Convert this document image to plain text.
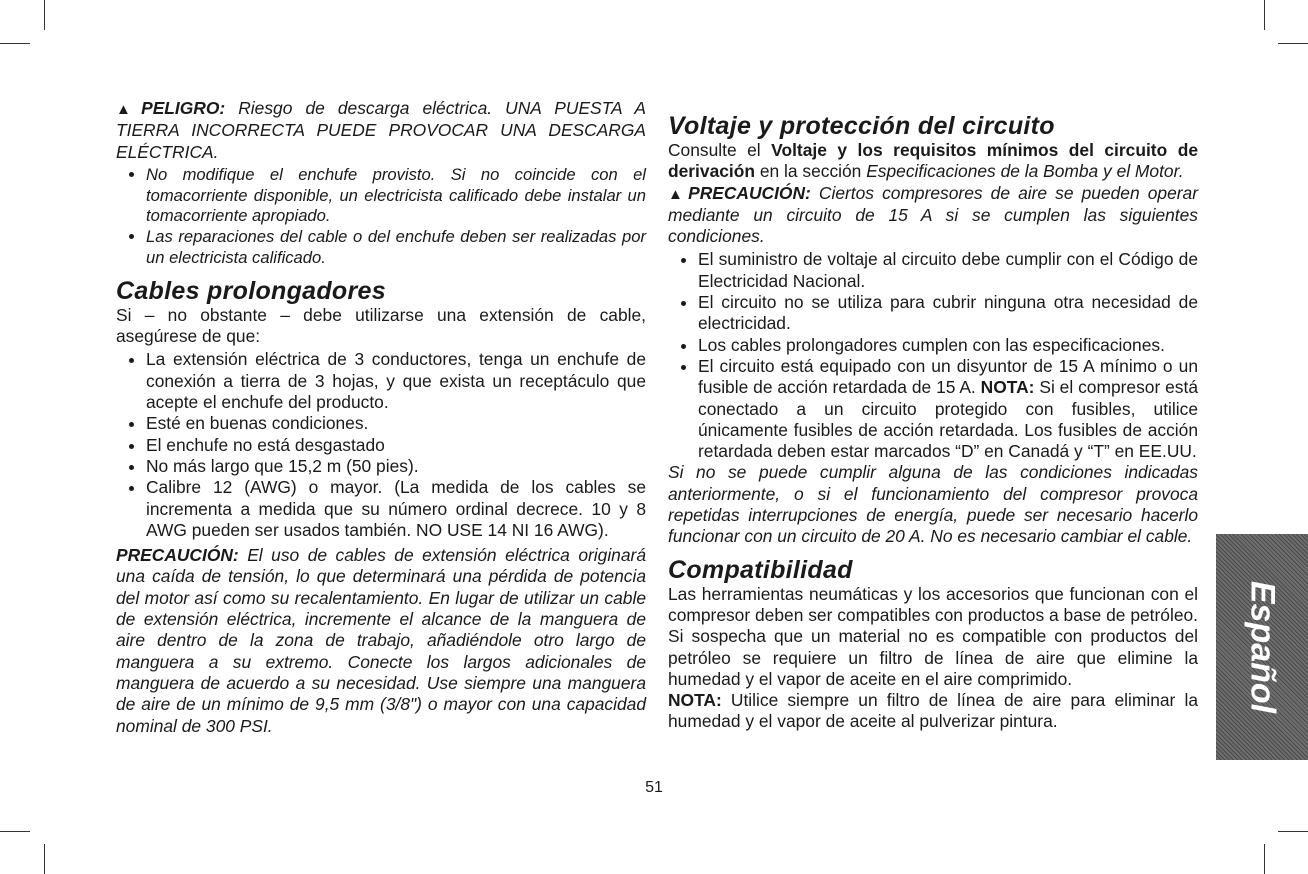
▲ PELIGRO: Riesgo de descarga eléctrica. UNA PUESTA A TIERRA INCORRECTA PUEDE PROVOCAR UNA DESCARGA ELÉCTRICA.

• No modifique el enchufe provisto. Si no coincide con el tomacorriente disponible, un electricista calificado debe instalar un tomacorriente apropiado.
• Las reparaciones del cable o del enchufe deben ser realizadas por un electricista calificado.
Cables prolongadores

Si – no obstante – debe utilizarse una extensión de cable, asegúrese de que:

• La extensión eléctrica de 3 conductores, tenga un enchufe de conexión a tierra de 3 hojas, y que exista un receptáculo que acepte el enchufe del producto.
• Esté en buenas condiciones.
• El enchufe no está desgastado
• No más largo que 15,2 m (50 pies).
• Calibre 12 (AWG) o mayor. (La medida de los cables se incrementa a medida que su número ordinal decrece. 10 y 8 AWG pueden ser usados también. NO USE 14 NI 16 AWG).

PRECAUCIÓN: El uso de cables de extensión eléctrica originará una caída de tensión, lo que determinará una pérdida de potencia del motor así como su recalentamiento. En lugar de utilizar un cable de extensión eléctrica, incremente el alcance de la manguera de aire dentro de la zona de trabajo, añadiéndole otro largo de manguera a su extremo. Conecte los largos adicionales de manguera de acuerdo a su necesidad. Use siempre una manguera de aire de un mínimo de 9,5 mm (3/8") o mayor con una capacidad nominal de 300 PSI.

Voltaje y protección del circuito

Consulte el Voltaje y los requisitos mínimos del circuito de derivación en la sección Especificaciones de la Bomba y el Motor.

▲ PRECAUCIÓN: Ciertos compresores de aire se pueden operar mediante un circuito de 15 A si se cumplen las siguientes condiciones.

• El suministro de voltaje al circuito debe cumplir con el Código de Electricidad Nacional.
• El circuito no se utiliza para cubrir ninguna otra necesidad de electricidad.
• Los cables prolongadores cumplen con las especificaciones.
• El circuito está equipado con un disyuntor de 15 A mínimo o un fusible de acción retardada de 15 A. NOTA: Si el compresor está conectado a un circuito protegido con fusibles, utilice únicamente fusibles de acción retardada. Los fusibles de acción retardada deben estar marcados “D” en Canadá y “T” en EE.UU.

Si no se puede cumplir alguna de las condiciones indicadas anteriormente, o si el funcionamiento del compresor provoca repetidas interrupciones de energía, puede ser necesario hacerlo funcionar con un circuito de 20 A. No es necesario cambiar el cable.

Compatibilidad

Las herramientas neumáticas y los accesorios que funcionan con el compresor deben ser compatibles con productos a base de petróleo. Si sospecha que un material no es compatible con productos del petróleo se requiere un filtro de línea de aire que elimine la humedad y el vapor de aceite en el aire comprimido.

NOTA: Utilice siempre un filtro de línea de aire para eliminar la humedad y el vapor de aceite al pulverizar pintura.

Español
51
